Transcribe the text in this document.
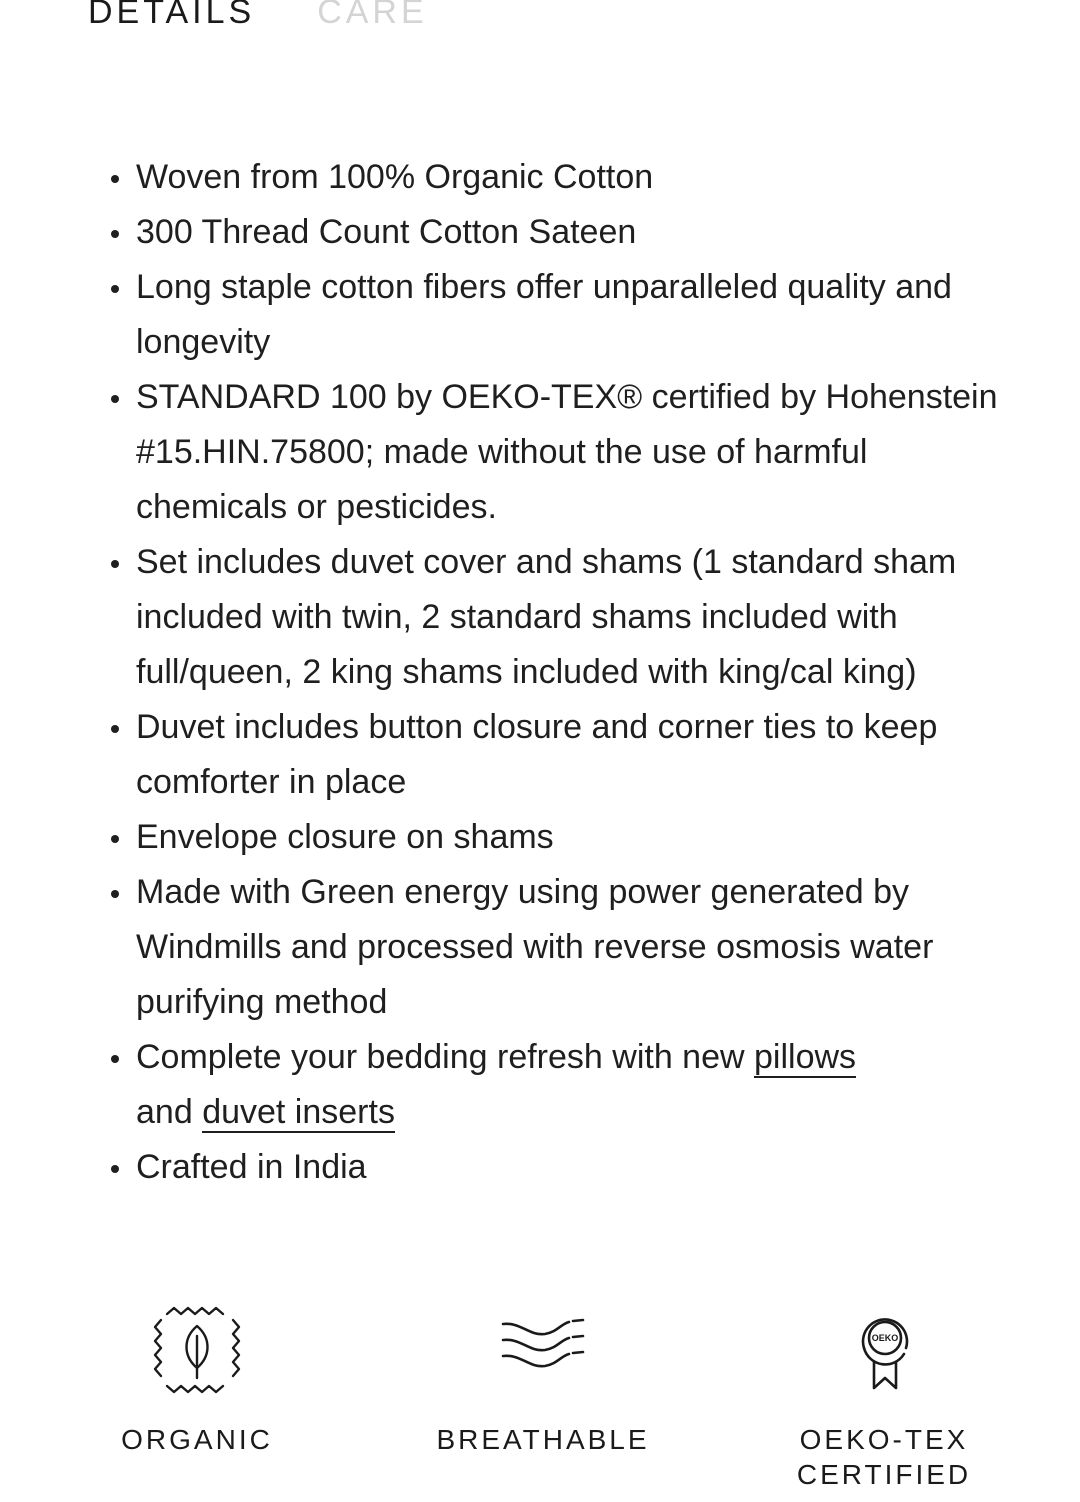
DETAILS CARE
Woven from 100% Organic Cotton
300 Thread Count Cotton Sateen
Long staple cotton fibers offer unparalleled quality and longevity
STANDARD 100 by OEKO-TEX® certified by Hohenstein #15.HIN.75800; made without the use of harmful chemicals or pesticides.
Set includes duvet cover and shams (1 standard sham included with twin, 2 standard shams included with full/queen, 2 king shams included with king/cal king)
Duvet includes button closure and corner ties to keep comforter in place
Envelope closure on shams
Made with Green energy using power generated by Windmills and processed with reverse osmosis water purifying method
Complete your bedding refresh with new pillows
and duvet inserts
Crafted in India
ORGANIC	BREATHABLE
OEKO
OEKO-TEX CERTIFIED
